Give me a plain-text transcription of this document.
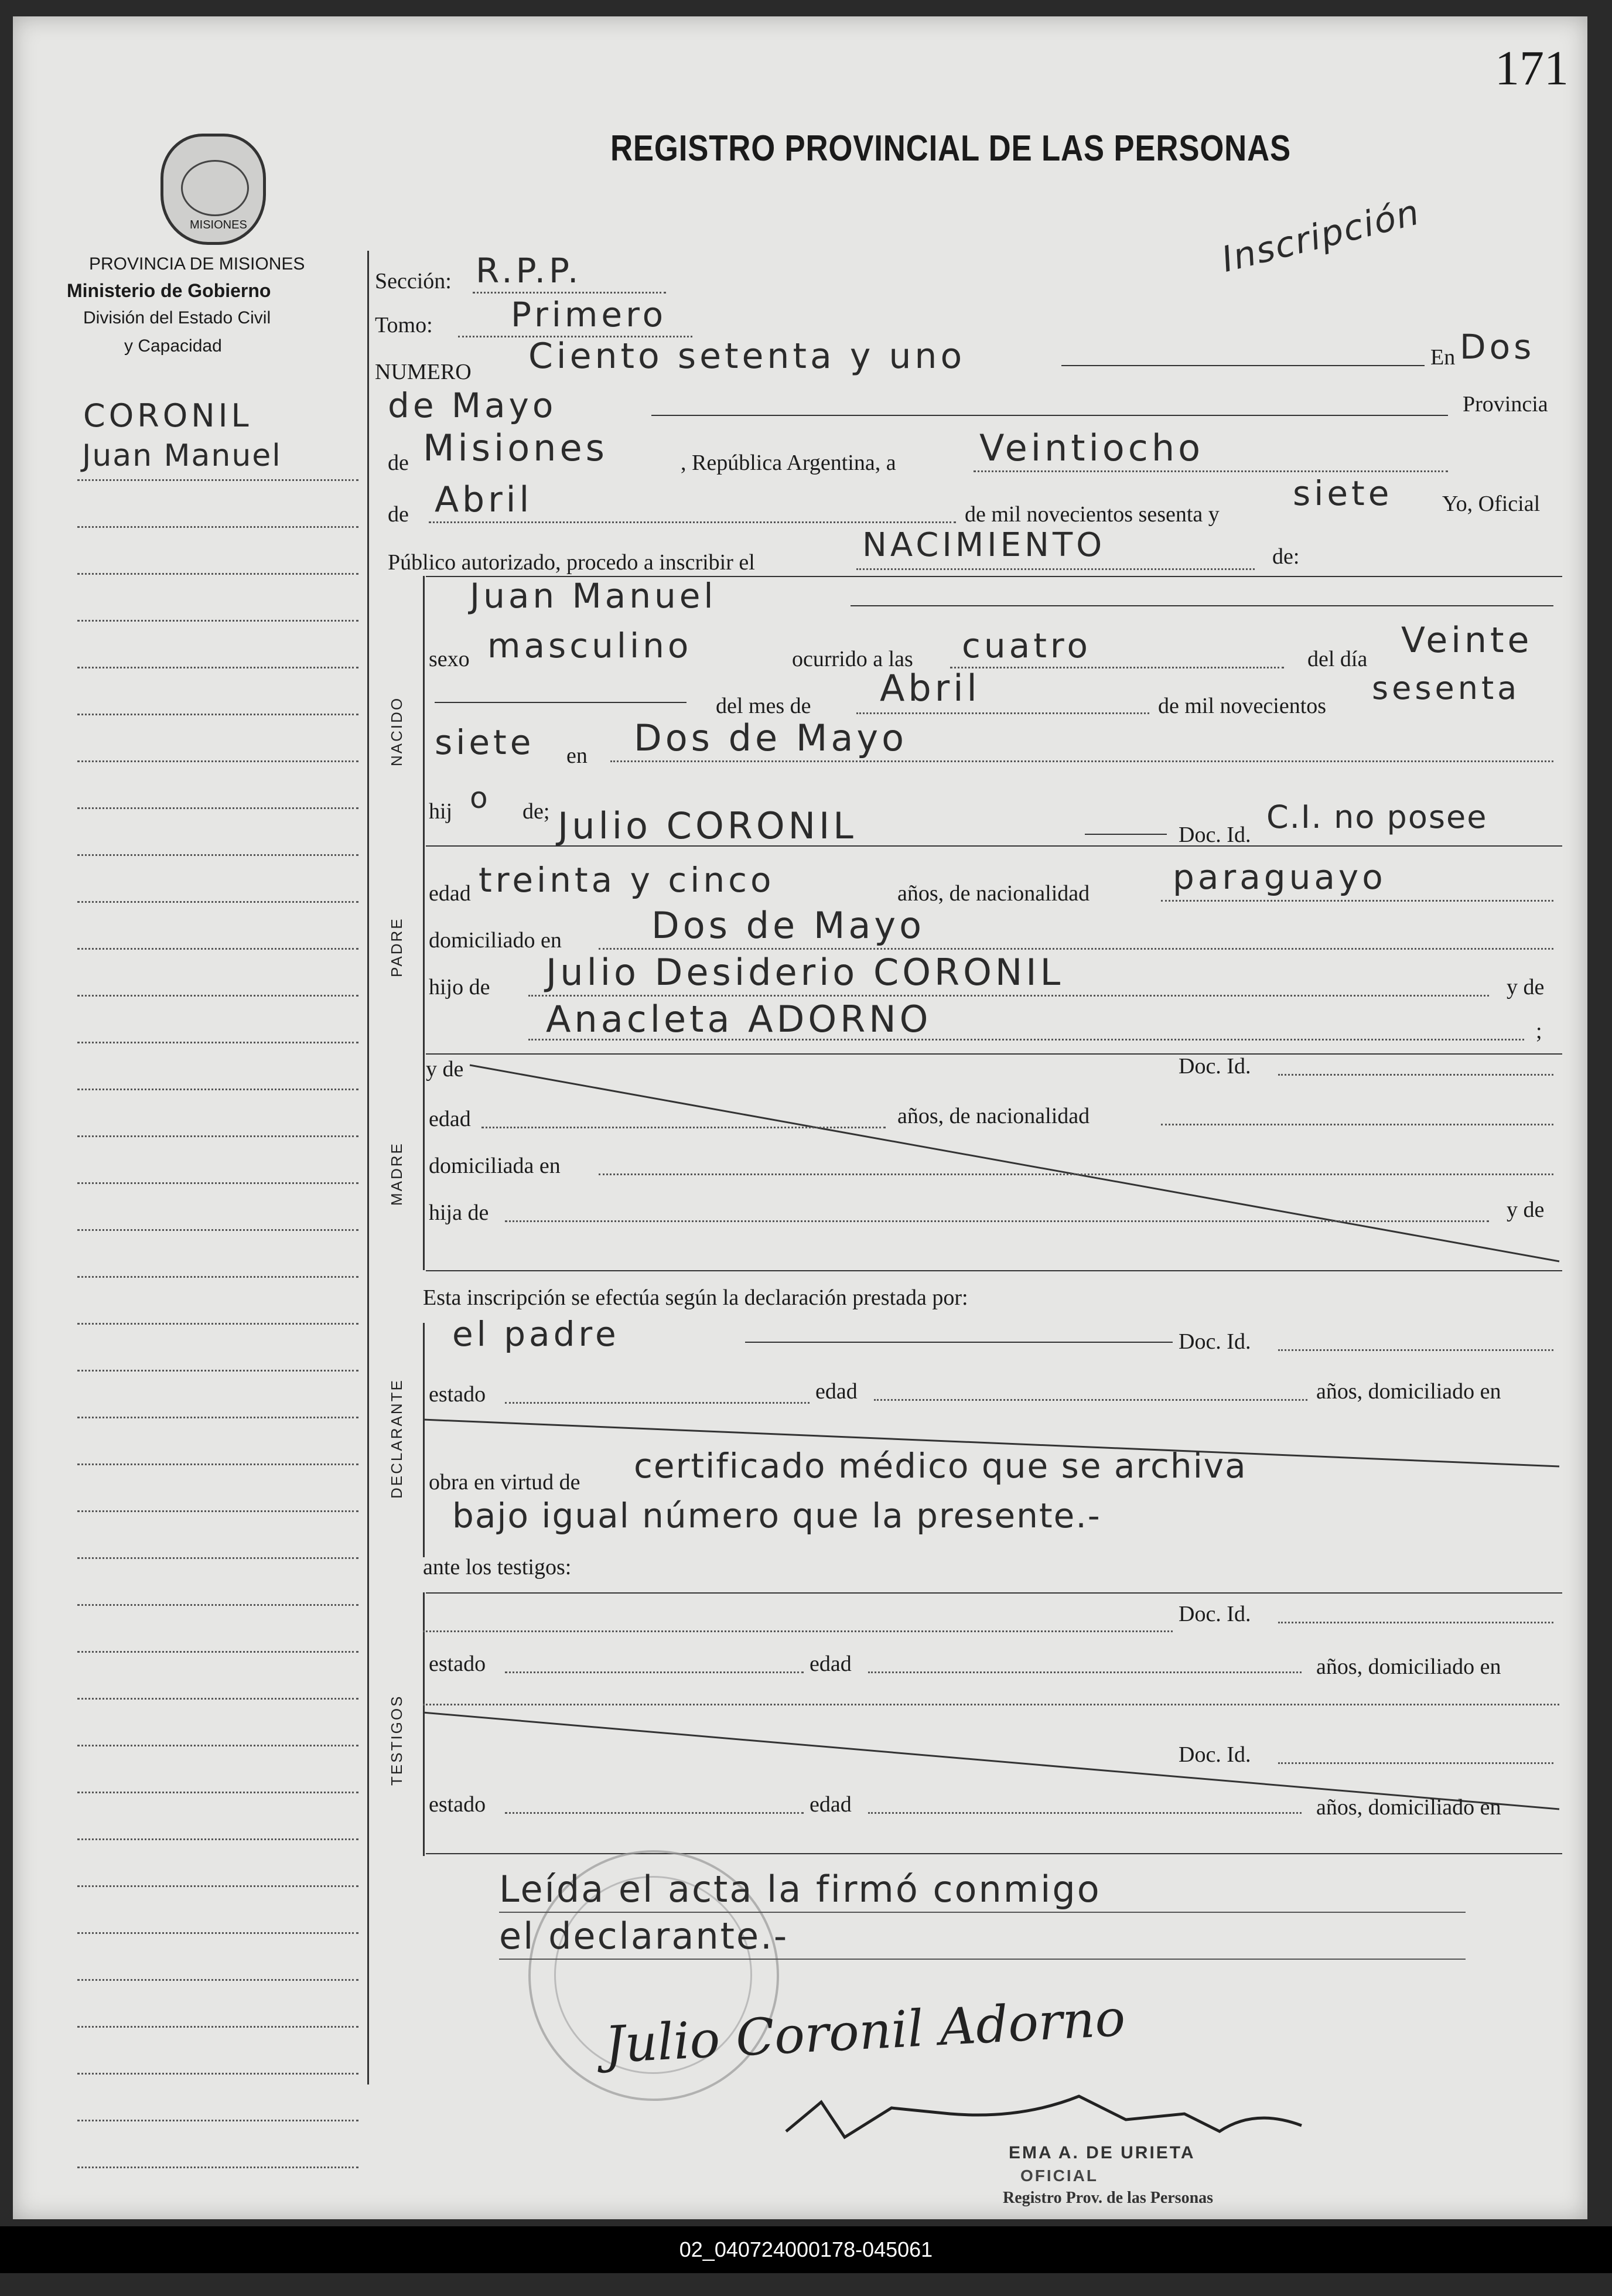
171
REGISTRO PROVINCIAL DE LAS PERSONAS
MISIONES
PROVINCIA DE MISIONES
Ministerio de Gobierno
División del Estado Civil
y Capacidad
CORONIL
Juan Manuel
Inscripción
Sección: R.P.P.
Tomo: Primero
NUMERO Ciento setenta y uno	En Dos
de Mayo	Provincia
de Misiones	, República Argentina, a Veintiocho
de Abril	de mil novecientos sesenta y
siete Yo, Oficial
Público autorizado, procedo a inscribir el	NACIMIENTO	de:
NACIDO
Juan Manuel
sexo masculino	ocurrido a las cuatro	del día Veinte
del mes de Abril	de mil novecientos sesenta
siete en Dos de Mayo
hij o de;
PADRE
Julio CORONIL	Doc. Id. C.I. no posee
edad treinta y cinco	años, de nacionalidad paraguayo
domiciliado en Dos de Mayo
hijo de Julio Desiderio CORONIL	y de
Anacleta ADORNO	;
MADRE
y de	Doc. Id.
edad	años, de nacionalidad
domiciliada en
hija de	y de
Esta inscripción se efectúa según la declaración prestada por:
DECLARANTE
el padre	Doc. Id.
estado	edad	años, domiciliado en
obra en virtud de certificado médico que se archiva
bajo igual número que la presente.-
ante los testigos:
TESTIGOS
Doc. Id.
estado	edad	años, domiciliado en
Doc. Id.
estado	edad	años, domiciliado en
Leída el acta la firmó conmigo
el declarante.-
Julio Coronil Adorno
EMA A. DE URIETA
OFICIAL
Registro Prov. de las Personas
02_040724000178-045061
